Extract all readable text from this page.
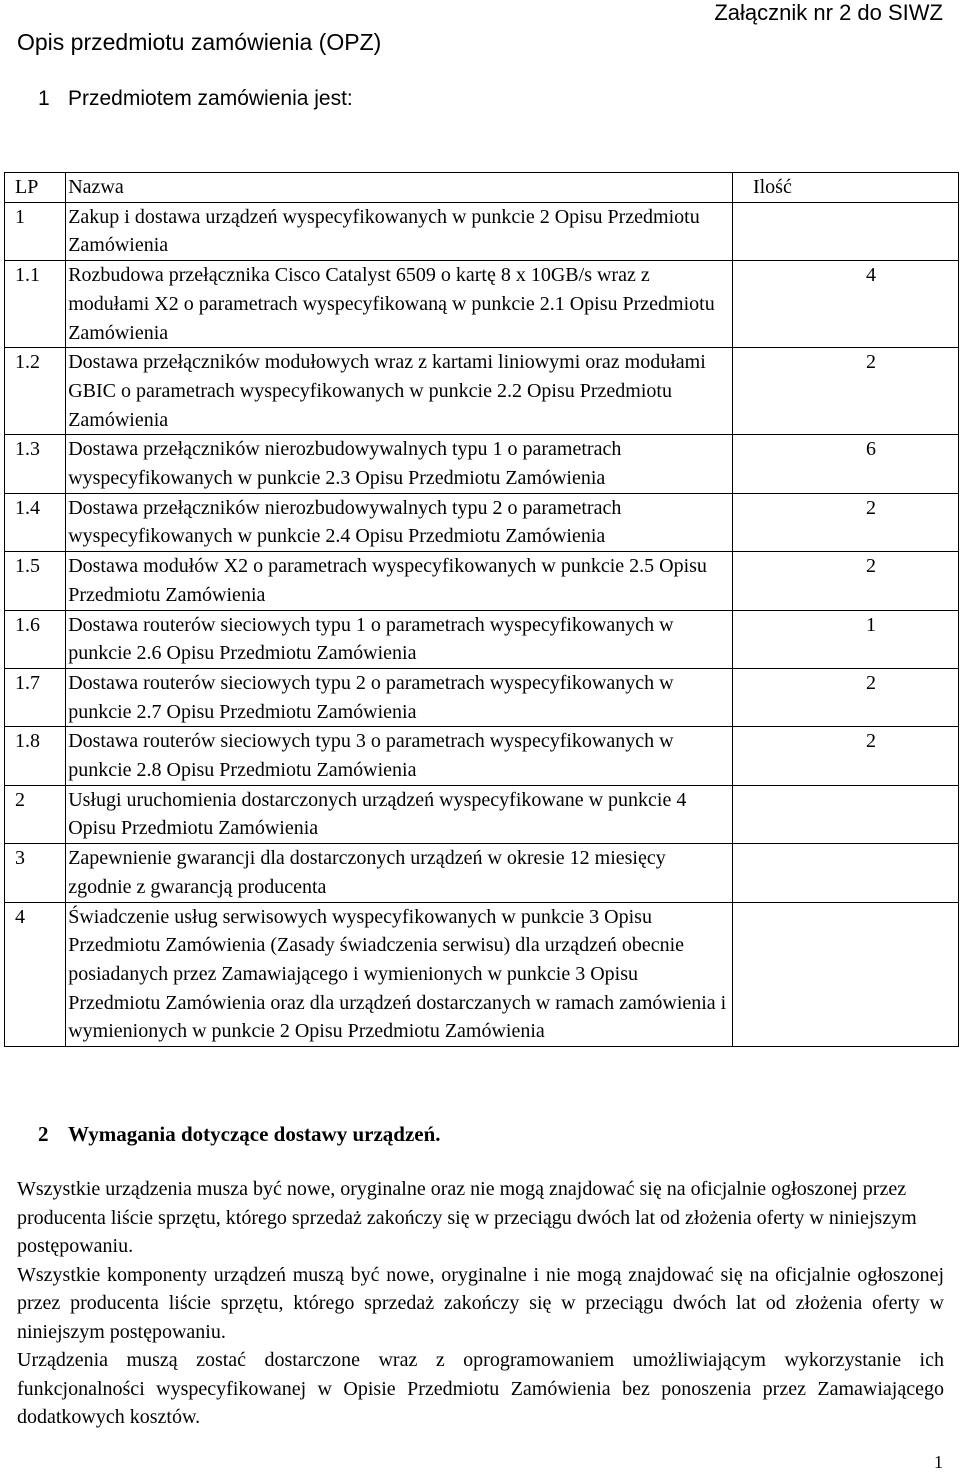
Załącznik nr 2 do SIWZ
Opis przedmiotu zamówienia (OPZ)
1 Przedmiotem zamówienia jest:
LP	Nazwa	Ilość
1	Zakup i dostawa urządzeń wyspecyfikowanych w punkcie 2 Opisu Przedmiotu Zamówienia	
1.1	Rozbudowa przełącznika Cisco Catalyst 6509 o kartę 8 x 10GB/s wraz z modułami X2 o parametrach wyspecyfikowaną w punkcie 2.1 Opisu Przedmiotu Zamówienia	4
1.2	Dostawa przełączników modułowych wraz z kartami liniowymi oraz modułami GBIC o parametrach wyspecyfikowanych w punkcie 2.2 Opisu Przedmiotu Zamówienia	2
1.3	Dostawa przełączników nierozbudowywalnych typu 1 o parametrach wyspecyfikowanych w punkcie 2.3 Opisu Przedmiotu Zamówienia	6
1.4	Dostawa przełączników nierozbudowywalnych typu 2 o parametrach wyspecyfikowanych w punkcie 2.4 Opisu Przedmiotu Zamówienia	2
1.5	Dostawa modułów X2 o parametrach wyspecyfikowanych w punkcie 2.5 Opisu Przedmiotu Zamówienia	2
1.6	Dostawa routerów sieciowych typu 1 o parametrach wyspecyfikowanych w punkcie 2.6 Opisu Przedmiotu Zamówienia	1
1.7	Dostawa routerów sieciowych typu 2 o parametrach wyspecyfikowanych w punkcie 2.7 Opisu Przedmiotu Zamówienia	2
1.8	Dostawa routerów sieciowych typu 3 o parametrach wyspecyfikowanych w punkcie 2.8 Opisu Przedmiotu Zamówienia	2
2	Usługi uruchomienia dostarczonych urządzeń wyspecyfikowane w punkcie 4 Opisu Przedmiotu Zamówienia	
3	Zapewnienie gwarancji dla dostarczonych urządzeń w okresie 12 miesięcy zgodnie z gwarancją producenta	
4	Świadczenie usług serwisowych wyspecyfikowanych w punkcie 3 Opisu Przedmiotu Zamówienia (Zasady świadczenia serwisu) dla urządzeń obecnie posiadanych przez Zamawiającego i wymienionych w punkcie 3 Opisu Przedmiotu Zamówienia oraz dla urządzeń dostarczanych w ramach zamówienia i wymienionych w punkcie 2 Opisu Przedmiotu Zamówienia	
2 Wymagania dotyczące dostawy urządzeń.

Wszystkie urządzenia musza być nowe, oryginalne oraz nie mogą znajdować się na oficjalnie ogłoszonej przez producenta liście sprzętu, którego sprzedaż zakończy się w przeciągu dwóch lat od złożenia oferty w niniejszym postępowaniu.

Wszystkie komponenty urządzeń muszą być nowe, oryginalne i nie mogą znajdować się na oficjalnie ogłoszonej przez producenta liście sprzętu, którego sprzedaż zakończy się w przeciągu dwóch lat od złożenia oferty w niniejszym postępowaniu.

Urządzenia muszą zostać dostarczone wraz z oprogramowaniem umożliwiającym wykorzystanie ich funkcjonalności wyspecyfikowanej w Opisie Przedmiotu Zamówienia bez ponoszenia przez Zamawiającego dodatkowych kosztów.

1
